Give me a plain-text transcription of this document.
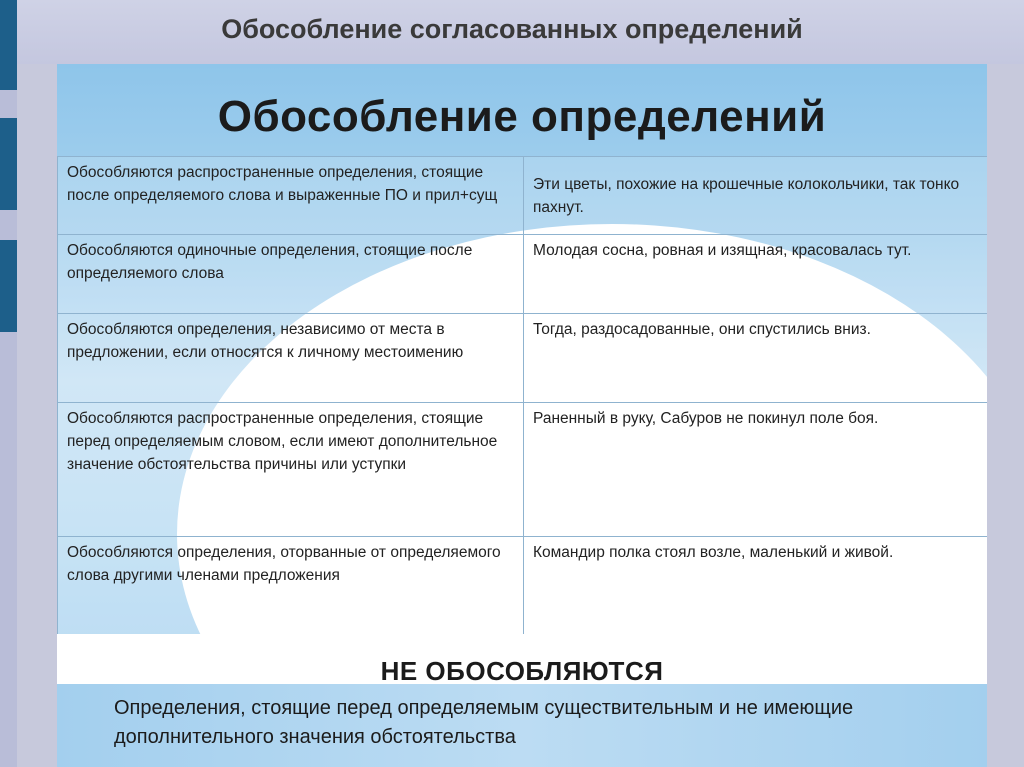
Обособление согласованных определений
Обособление определений
Обособляются распространенные определения, стоящие после определяемого слова и выраженные ПО и прил+сущ	Эти цветы, похожие на крошечные колокольчики, так тонко пахнут.
Обособляются одиночные определения, стоящие после определяемого слова	Молодая сосна, ровная и изящная, красовалась тут.
Обособляются определения, независимо от места в предложении, если относятся к личному местоимению	Тогда, раздосадованные, они спустились вниз.
Обособляются распространенные определения, стоящие перед определяемым словом, если имеют дополнительное значение обстоятельства причины или уступки	Раненный в руку, Сабуров не покинул поле боя.
Обособляются определения, оторванные от определяемого слова другими членами предложения	Командир полка стоял возле, маленький и живой.
НЕ ОБОСОБЛЯЮТСЯ
Определения, стоящие перед определяемым существительным и не имеющие дополнительного значения обстоятельства
